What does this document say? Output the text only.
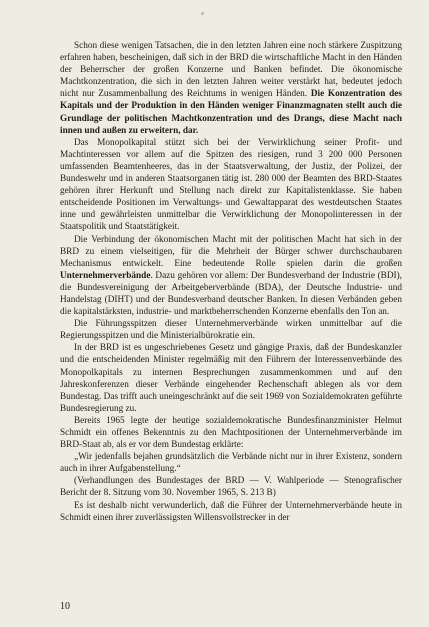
Schon diese wenigen Tatsachen, die in den letzten Jahren eine noch stärkere Zuspitzung erfahren haben, bescheinigen, daß sich in der BRD die wirtschaftliche Macht in den Händen der Beherrscher der großen Konzerne und Banken befindet. Die ökonomische Machtkonzentration, die sich in den letzten Jahren weiter verstärkt hat, bedeutet jedoch nicht nur Zusammenballung des Reichtums in wenigen Händen. Die Konzentration des Kapitals und der Produktion in den Händen weniger Finanzmagnaten stellt auch die Grundlage der politischen Machtkonzentration und des Drangs, diese Macht nach innen und außen zu erweitern, dar.

Das Monopolkapital stützt sich bei der Verwirklichung seiner Profit- und Machtinteressen vor allem auf die Spitzen des riesigen, rund 3 200 000 Personen umfassenden Beamtenheeres, das in der Staatsverwaltung, der Justiz, der Polizei, der Bundeswehr und in anderen Staatsorganen tätig ist. 280 000 der Beamten des BRD-Staates gehören ihrer Herkunft und Stellung nach direkt zur Kapitalistenklasse. Sie haben entscheidende Positionen im Verwaltungs- und Gewaltapparat des westdeutschen Staates inne und gewährleisten unmittelbar die Verwirklichung der Monopolinteressen in der Staatspolitik und Staatstätigkeit.

Die Verbindung der ökonomischen Macht mit der politischen Macht hat sich in der BRD zu einem vielseitigen, für die Mehrheit der Bürger schwer durchschaubaren Mechanismus entwickelt. Eine bedeutende Rolle spielen darin die großen Unternehmerverbände. Dazu gehören vor allem: Der Bundesverband der Industrie (BDI), die Bundesvereinigung der Arbeitgeberverbände (BDA), der Deutsche Industrie- und Handelstag (DIHT) und der Bundesverband deutscher Banken. In diesen Verbänden geben die kapitalstärksten, industrie- und marktbeherrschenden Konzerne ebenfalls den Ton an.

Die Führungsspitzen dieser Unternehmerverbände wirken unmittelbar auf die Regierungsspitzen und die Ministerialbürokratie ein.

In der BRD ist es ungeschriebenes Gesetz und gängige Praxis, daß der Bundeskanzler und die entscheidenden Minister regelmäßig mit den Führern der Interessenverbände des Monopolkapitals zu internen Besprechungen zusammenkommen und auf den Jahreskonferenzen dieser Verbände eingehender Rechenschaft ablegen als vor dem Bundestag. Das trifft auch uneingeschränkt auf die seit 1969 von Sozialdemokraten geführte Bundesregierung zu.

Bereits 1965 legte der heutige sozialdemokratische Bundesfinanzminister Helmut Schmidt ein offenes Bekenntnis zu den Machtpositionen der Unternehmerverbände im BRD-Staat ab, als er vor dem Bundestag erklärte:

„Wir jedenfalls bejahen grundsätzlich die Verbände nicht nur in ihrer Existenz, sondern auch in ihrer Aufgabenstellung.“

(Verhandlungen des Bundestages der BRD — V. Wahlperiode — Stenografischer Bericht der 8. Sitzung vom 30. November 1965, S. 213 B)

Es ist deshalb nicht verwunderlich, daß die Führer der Unternehmerverbände heute in Schmidt einen ihrer zuverlässigsten Willensvollstrecker in der

10
